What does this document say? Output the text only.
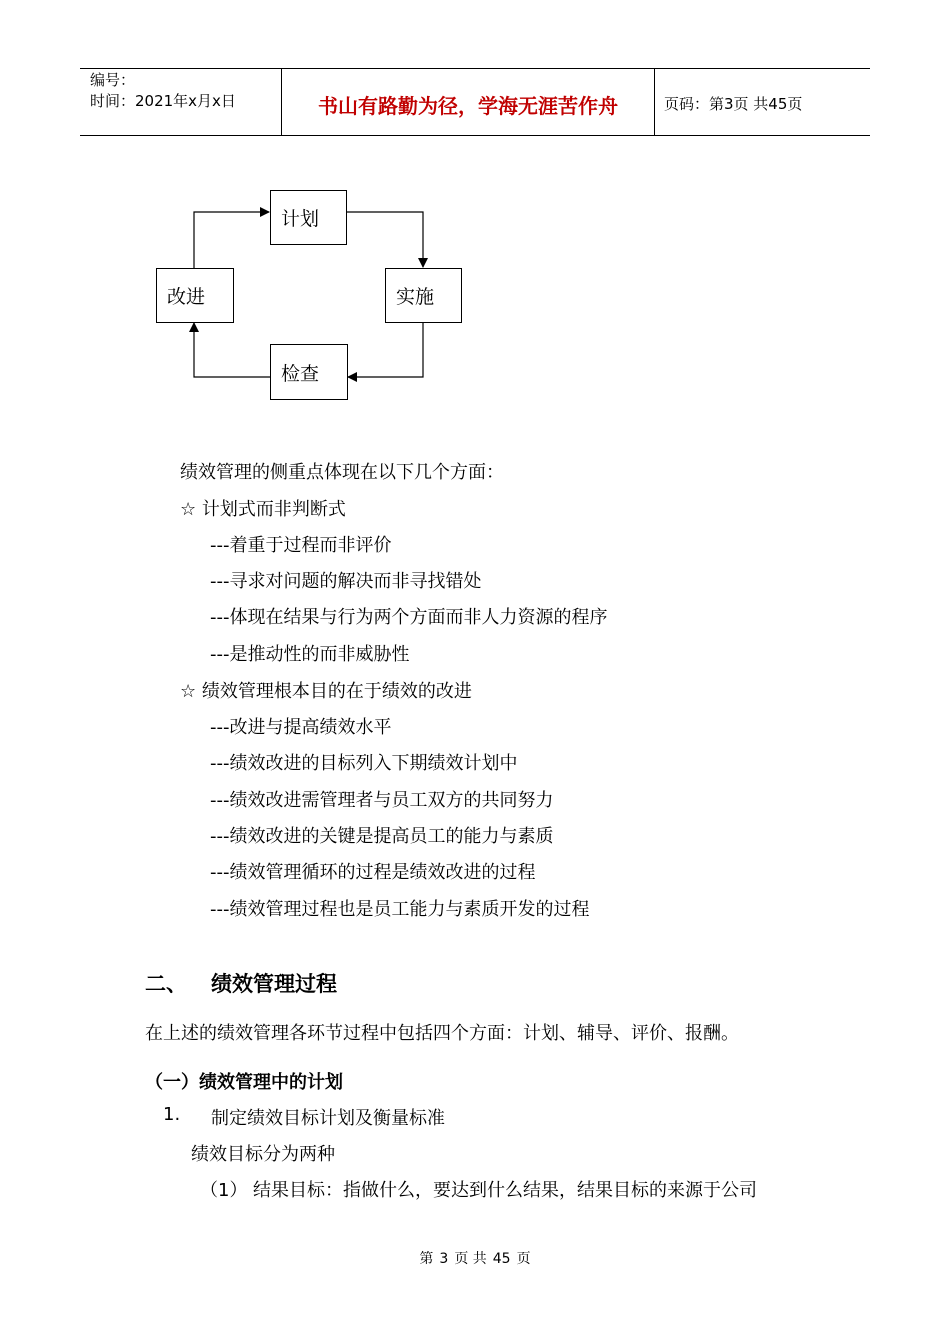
编号：
时间：2021年x月x日	书山有路勤为径，学海无涯苦作舟	页码：第3页 共45页
计划
实施
检查
改进
绩效管理的侧重点体现在以下几个方面：
☆ 计划式而非判断式
---着重于过程而非评价
---寻求对问题的解决而非寻找错处
---体现在结果与行为两个方面而非人力资源的程序
---是推动性的而非威胁性
☆ 绩效管理根本目的在于绩效的改进
---改进与提高绩效水平
---绩效改进的目标列入下期绩效计划中
---绩效改进需管理者与员工双方的共同努力
---绩效改进的关键是提高员工的能力与素质
---绩效管理循环的过程是绩效改进的过程
---绩效管理过程也是员工能力与素质开发的过程
二、 绩效管理过程
在上述的绩效管理各环节过程中包括四个方面：计划、辅导、评价、报酬。
（一）绩效管理中的计划
1. 制定绩效目标计划及衡量标准
绩效目标分为两种
（1） 结果目标：指做什么，要达到什么结果，结果目标的来源于公司
第 3 页 共 45 页
